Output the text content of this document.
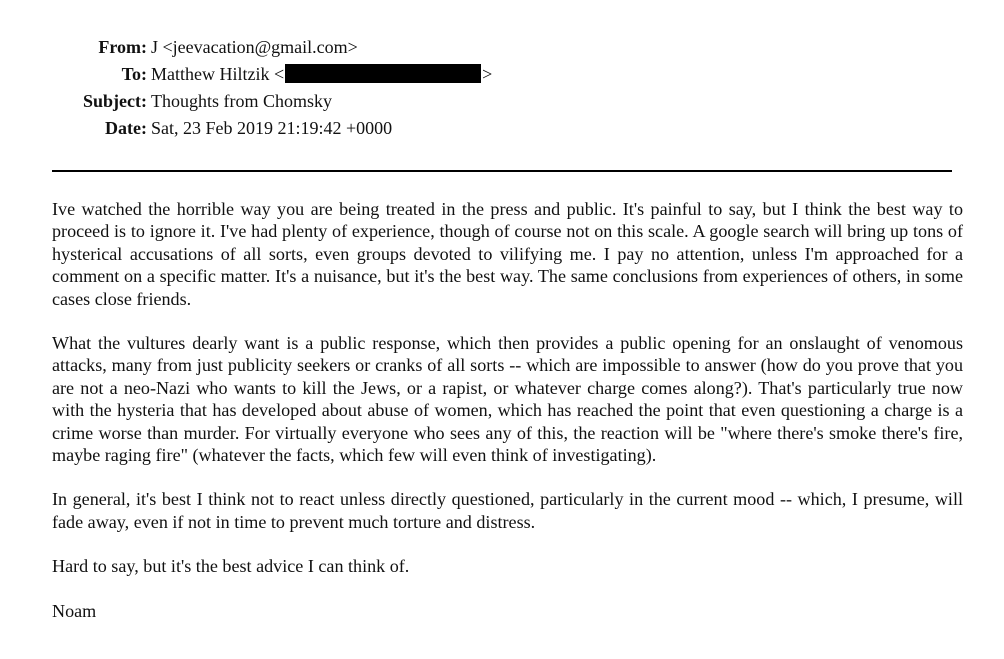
From: J <jeevacation@gmail.com>
To: Matthew Hiltzik <	>
Subject: Thoughts from Chomsky
Date: Sat, 23 Feb 2019 21:19:42 +0000

Ive watched the horrible way you are being treated in the press and public. It's painful to say, but I think the best way to proceed is to ignore it. I've had plenty of experience, though of course not on this scale. A google search will bring up tons of hysterical accusations of all sorts, even groups devoted to vilifying me. I pay no attention, unless I'm approached for a comment on a specific matter. It's a nuisance, but it's the best way. The same conclusions from experiences of others, in some cases close friends.

What the vultures dearly want is a public response, which then provides a public opening for an onslaught of venomous attacks, many from just publicity seekers or cranks of all sorts -- which are impossible to answer (how do you prove that you are not a neo-Nazi who wants to kill the Jews, or a rapist, or whatever charge comes along?). That's particularly true now with the hysteria that has developed about abuse of women, which has reached the point that even questioning a charge is a crime worse than murder. For virtually everyone who sees any of this, the reaction will be "where there's smoke there's fire, maybe raging fire" (whatever the facts, which few will even think of investigating).

In general, it's best I think not to react unless directly questioned, particularly in the current mood -- which, I presume, will fade away, even if not in time to prevent much torture and distress.

Hard to say, but it's the best advice I can think of.

Noam
